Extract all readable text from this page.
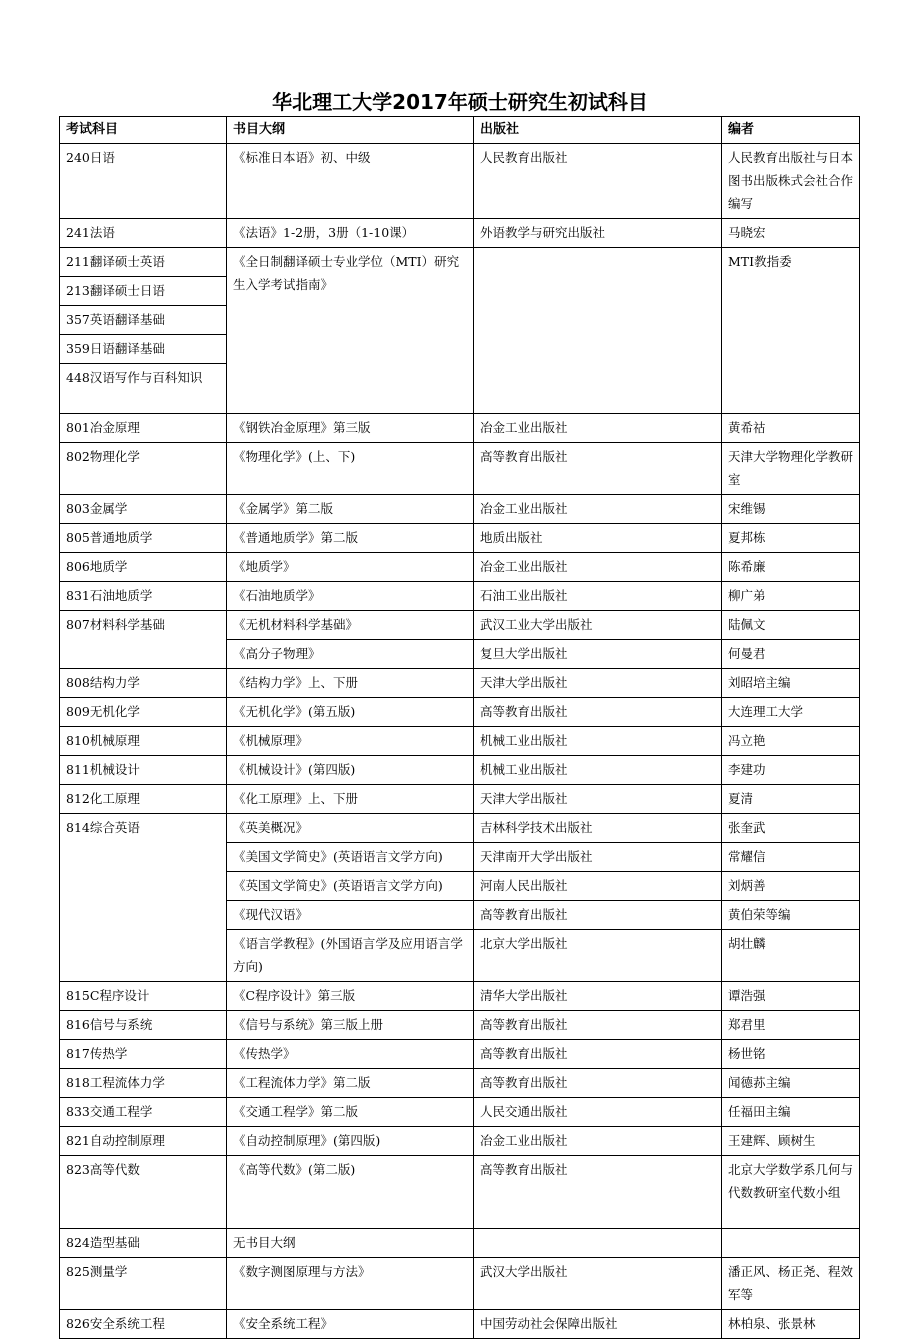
华北理工大学2017年硕士研究生初试科目
考试科目	书目大纲	出版社	编者
240日语	《标准日本语》初、中级	人民教育出版社	人民教育出版社与日本图书出版株式会社合作编写
241法语	《法语》1-2册，3册（1-10课）	外语教学与研究出版社	马晓宏
211翻译硕士英语	《全日制翻译硕士专业学位（MTI）研究生入学考试指南》		MTI教指委
213翻译硕士日语			
357英语翻译基础			
359日语翻译基础			
448汉语写作与百科知识			
801冶金原理	《钢铁冶金原理》第三版	冶金工业出版社	黄希祜
802物理化学	《物理化学》(上、下)	高等教育出版社	天津大学物理化学教研室
803金属学	《金属学》第二版	冶金工业出版社	宋维锡
805普通地质学	《普通地质学》第二版	地质出版社	夏邦栋
806地质学	《地质学》	冶金工业出版社	陈希廉
831石油地质学	《石油地质学》	石油工业出版社	柳广弟
807材料科学基础	《无机材料科学基础》	武汉工业大学出版社	陆佩文
	《高分子物理》	复旦大学出版社	何曼君
808结构力学	《结构力学》上、下册	天津大学出版社	刘昭培主编
809无机化学	《无机化学》(第五版)	高等教育出版社	大连理工大学
810机械原理	《机械原理》	机械工业出版社	冯立艳
811机械设计	《机械设计》(第四版)	机械工业出版社	李建功
812化工原理	《化工原理》上、下册	天津大学出版社	夏清
814综合英语	《英美概况》	吉林科学技术出版社	张奎武
	《美国文学简史》(英语语言文学方向)	天津南开大学出版社	常耀信
	《英国文学简史》(英语语言文学方向)	河南人民出版社	刘炳善
	《现代汉语》	高等教育出版社	黄伯荣等编
	《语言学教程》(外国语言学及应用语言学方向)	北京大学出版社	胡壮麟
815C程序设计	《C程序设计》第三版	清华大学出版社	谭浩强
816信号与系统	《信号与系统》第三版上册	高等教育出版社	郑君里
817传热学	《传热学》	高等教育出版社	杨世铭
818工程流体力学	《工程流体力学》第二版	高等教育出版社	闻德荪主编
833交通工程学	《交通工程学》第二版	人民交通出版社	任福田主编
821自动控制原理	《自动控制原理》(第四版)	冶金工业出版社	王建辉、顾树生
823高等代数	《高等代数》(第二版)	高等教育出版社	北京大学数学系几何与代数教研室代数小组
824造型基础	无书目大纲		
825测量学	《数字测图原理与方法》	武汉大学出版社	潘正风、杨正尧、程效军等
826安全系统工程	《安全系统工程》	中国劳动社会保障出版社	林柏泉、张景林
